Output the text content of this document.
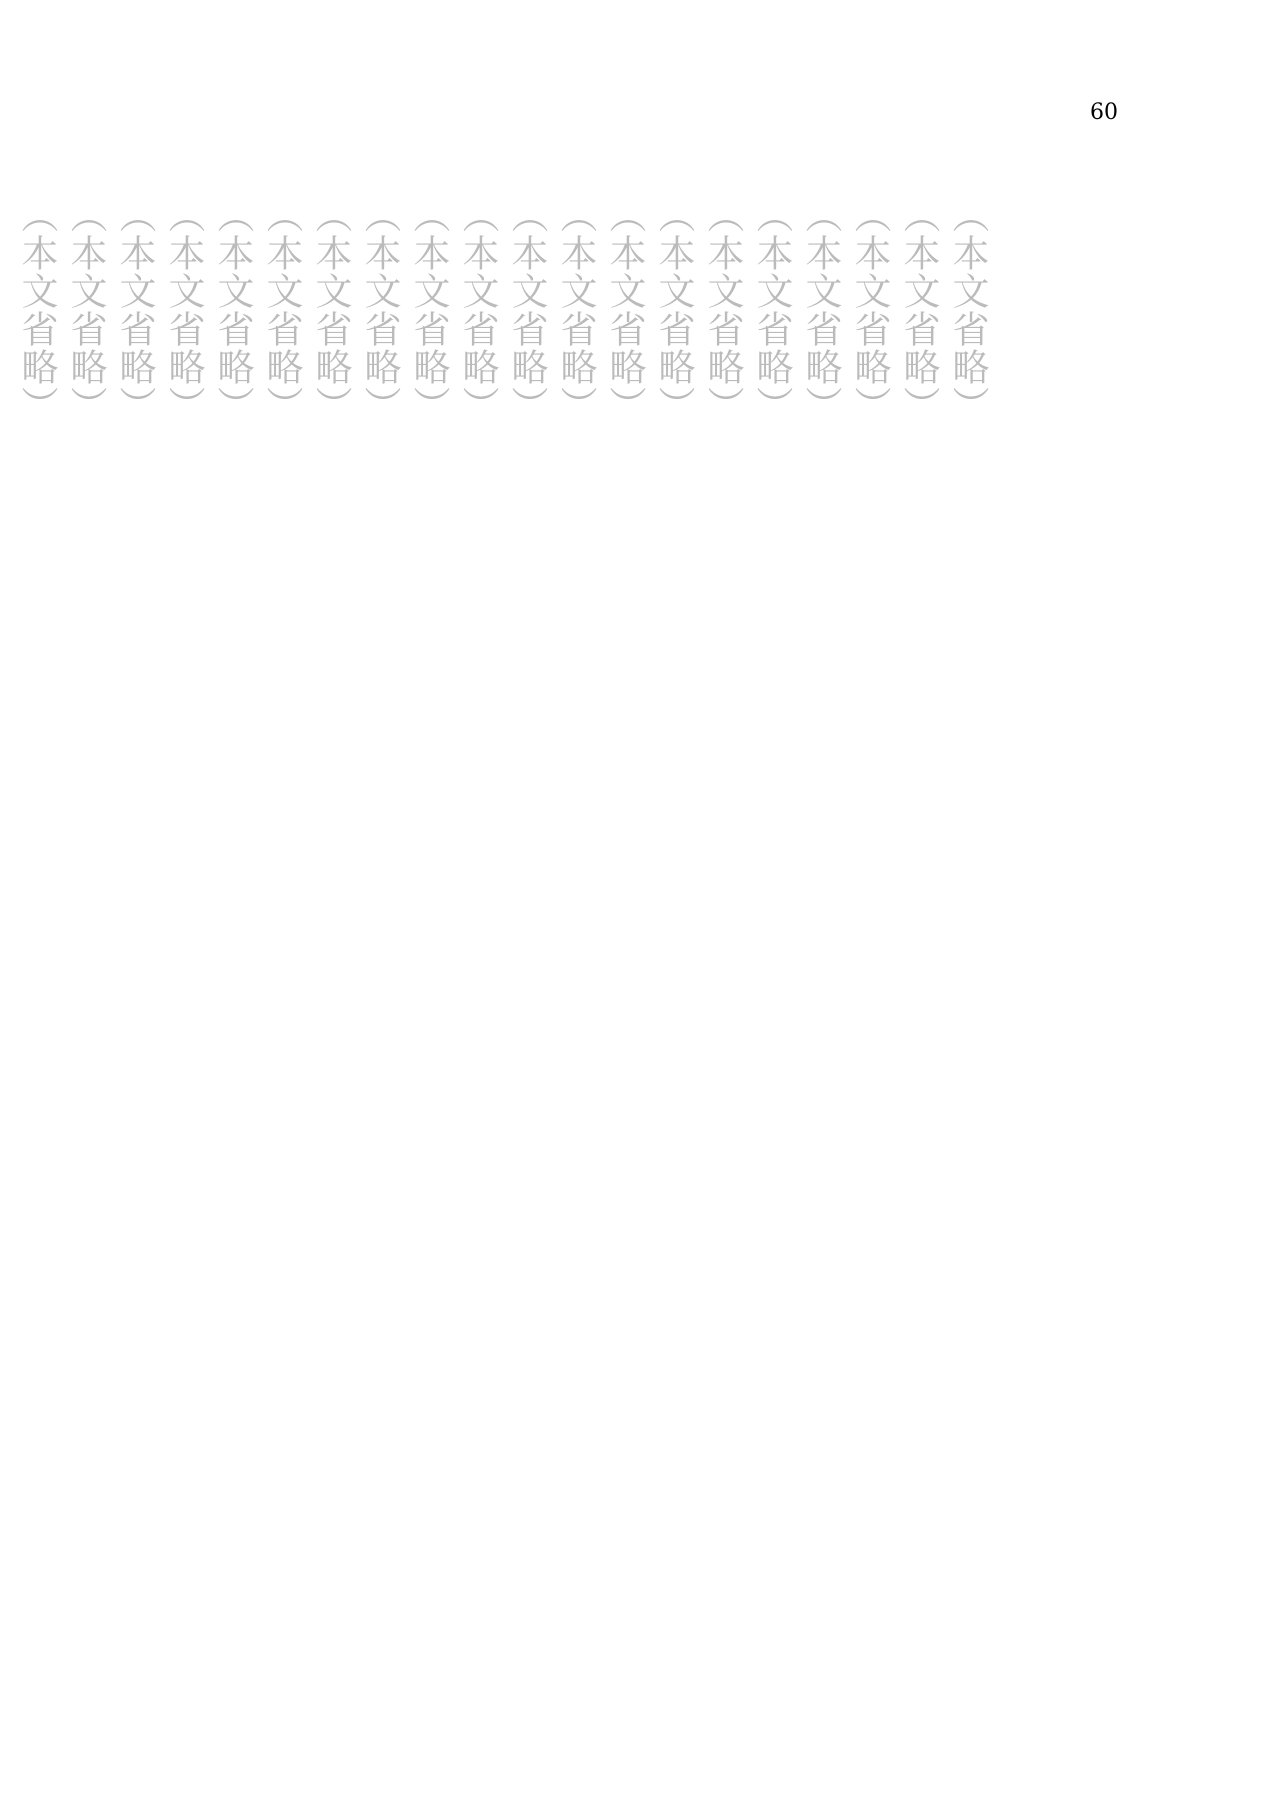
60
（本文省略）
（本文省略）
（本文省略）
（本文省略）
（本文省略）
（本文省略）
（本文省略）
（本文省略）
（本文省略）
（本文省略）
（本文省略）
（本文省略）
（本文省略）
（本文省略）
（本文省略）
（本文省略）
（本文省略）
（本文省略）
（本文省略）
（本文省略）
